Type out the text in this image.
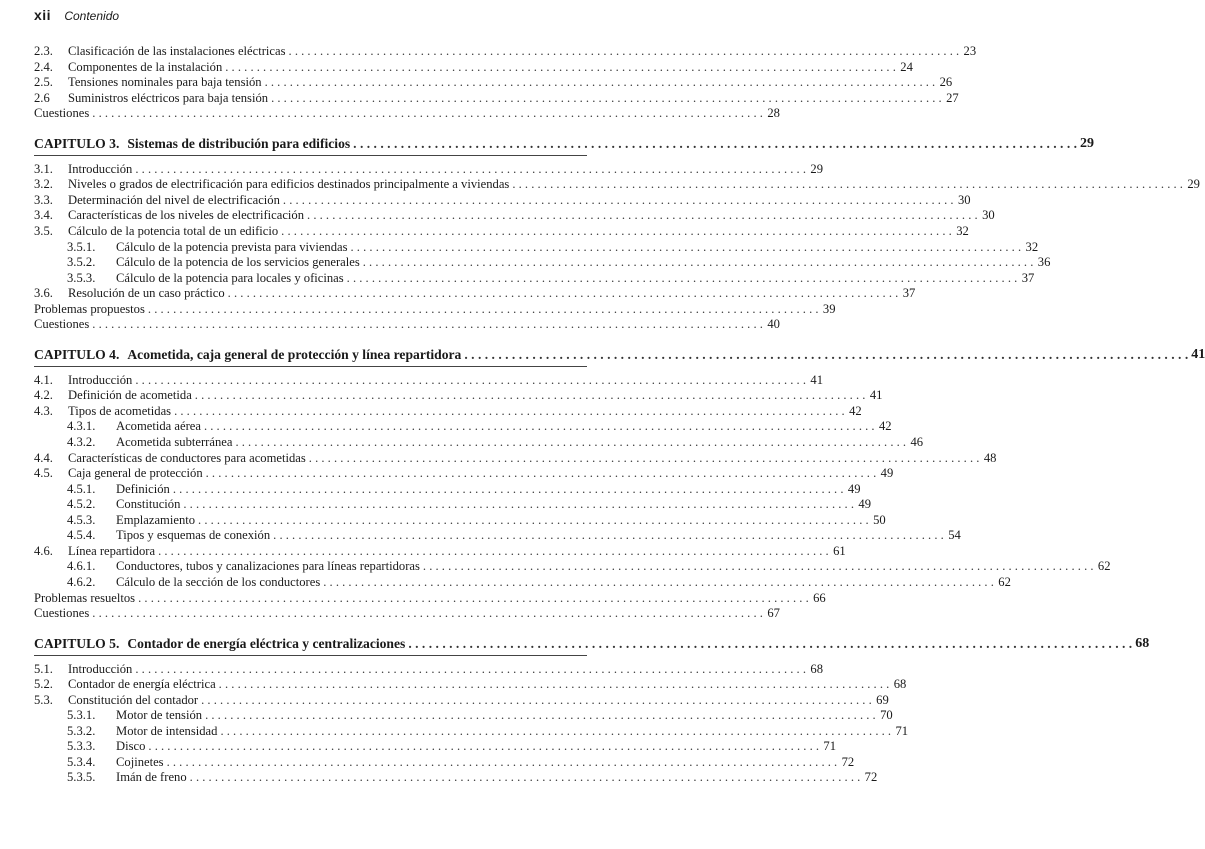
xii Contenido
2.3.	Clasificación de las instalaciones eléctricas . . .	23
2.4.	Componentes de la instalación . . .	24
2.5.	Tensiones nominales para baja tensión . . .	26
2.6	Suministros eléctricos para baja tensión . . .	27
Cuestiones . . .	28
CAPITULO 3. Sistemas de distribución para edificios . . .	29
3.1.	Introducción . . .	29
3.2.	Niveles o grados de electrificación para edificios destinados principalmente a viviendas . . .	29
3.3.	Determinación del nivel de electrificación . . .	30
3.4.	Características de los niveles de electrificación . . .	30
3.5.	Cálculo de la potencia total de un edificio . . .	32
3.5.1.	Cálculo de la potencia prevista para viviendas . . .	32
3.5.2.	Cálculo de la potencia de los servicios generales . . .	36
3.5.3.	Cálculo de la potencia para locales y oficinas . . .	37
3.6.	Resolución de un caso práctico . . .	37
Problemas propuestos . . .	39
Cuestiones . . .	40
CAPITULO 4. Acometida, caja general de protección y línea repartidora . . .	41
4.1.	Introducción . . .	41
4.2.	Definición de acometida . . .	41
4.3.	Tipos de acometidas . . .	42
4.3.1.	Acometida aérea . . .	42
4.3.2.	Acometida subterránea . . .	46
4.4.	Características de conductores para acometidas . . .	48
4.5.	Caja general de protección . . .	49
4.5.1.	Definición . . .	49
4.5.2.	Constitución . . .	49
4.5.3.	Emplazamiento . . .	50
4.5.4.	Tipos y esquemas de conexión . . .	54
4.6.	Línea repartidora . . .	61
4.6.1.	Conductores, tubos y canalizaciones para líneas repartidoras . . .	62
4.6.2.	Cálculo de la sección de los conductores . . .	62
Problemas resueltos . . .	66
Cuestiones . . .	67
CAPITULO 5. Contador de energía eléctrica y centralizaciones . . .	68
5.1.	Introducción . . .	68
5.2.	Contador de energía eléctrica . . .	68
5.3.	Constitución del contador . . .	69
5.3.1.	Motor de tensión . . .	70
5.3.2.	Motor de intensidad . . .	71
5.3.3.	Disco . . .	71
5.3.4.	Cojinetes . . .	72
5.3.5.	Imán de freno . . .	72
